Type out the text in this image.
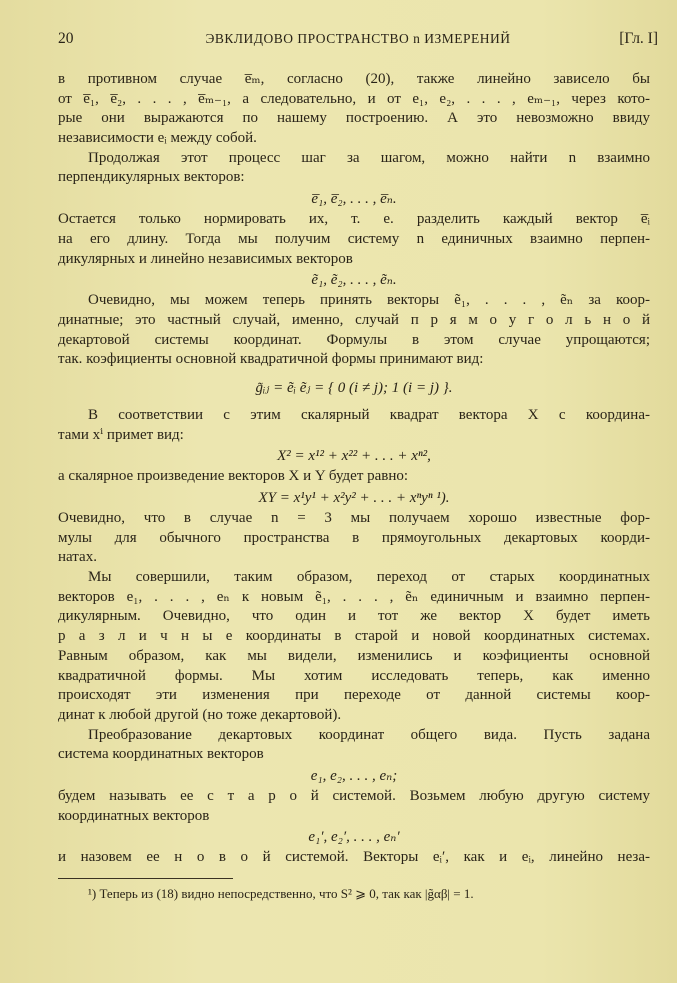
20	ЭВКЛИДОВО ПРОСТРАНСТВО n ИЗМЕРЕНИЙ	[Гл. I]
в противном случае e̅ₘ, согласно (20), также линейно зависело бы
от e̅₁, e̅₂, . . . , e̅ₘ₋₁, а следовательно, и от e₁, e₂, . . . , eₘ₋₁, через кото-
рые они выражаются по нашему построению. А это невозможно ввиду
независимости eᵢ между собой.
Продолжая этот процесс шаг за шагом, можно найти n взаимно
перпендикулярных векторов:
e̅₁, e̅₂, . . . , e̅ₙ.
Остается только нормировать их, т. е. разделить каждый вектор e̅ᵢ
на его длину. Тогда мы получим систему n единичных взаимно перпен-
дикулярных и линейно независимых векторов
ẽ₁, ẽ₂, . . . , ẽₙ.
Очевидно, мы можем теперь принять векторы ẽ₁, . . . , ẽₙ за коор-
динатные; это частный случай, именно, случай п р я м о у г о л ь н о й
декартовой системы координат. Формулы в этом случае упрощаются;
так. коэфициенты основной квадратичной формы принимают вид:
g̃ᵢⱼ = ẽᵢ ẽⱼ = { 0 (i ≠ j); 1 (i = j) }.
В соответствии с этим скалярный квадрат вектора X с координа-
тами xⁱ примет вид:
X² = x¹² + x²² + . . . + xⁿ²,
а скалярное произведение векторов X и Y будет равно:
XY = x¹y¹ + x²y² + . . . + xⁿyⁿ ¹).
Очевидно, что в случае n = 3 мы получаем хорошо известные фор-
мулы для обычного пространства в прямоугольных декартовых коорди-
натах.
Мы совершили, таким образом, переход от старых координатных
векторов e₁, . . . , eₙ к новым ẽ₁, . . . , ẽₙ единичным и взаимно перпен-
дикулярным. Очевидно, что один и тот же вектор X будет иметь
р а з л и ч н ы е координаты в старой и новой координатных системах.
Равным образом, как мы видели, изменились и коэфициенты основной
квадратичной формы. Мы хотим исследовать теперь, как именно
происходят эти изменения при переходе от данной системы коор-
динат к любой другой (но тоже декартовой).
Преобразование декартовых координат общего вида. Пусть задана
система координатных векторов
e₁, e₂, . . . , eₙ;
будем называть ее с т а р о й системой. Возьмем любую другую систему
координатных векторов
e₁′, e₂′, . . . , eₙ′
и назовем ее н о в о й системой. Векторы eᵢ′, как и eᵢ, линейно неза-
¹) Теперь из (18) видно непосредственно, что S² ⩾ 0, так как |g̃αβ| = 1.
